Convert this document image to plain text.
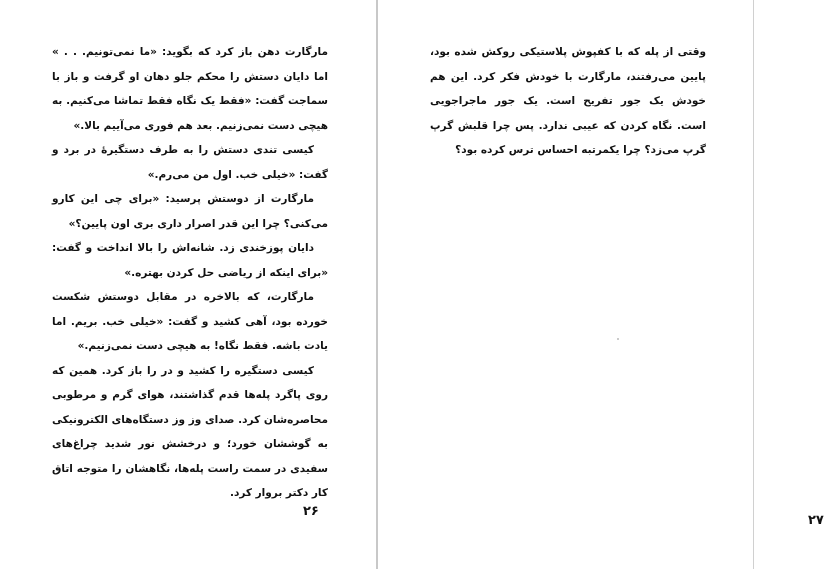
مارگارت دهن باز کرد که بگوید: «ما نمی‌تونیم. . . » اما دایان دستش را محکم جلو دهان او گرفت و باز با سماجت گفت: «فقط یک نگاه فقط تماشا می‌کنیم. به هیچی دست نمی‌زنیم. بعد هم فوری می‌آییم بالا.»

کیسی تندی دستش را به طرف دستگیرهٔ در برد و گفت: «خیلی خب. اول من می‌رم.»

مارگارت از دوستش پرسید: «برای چی این کارو می‌کنی؟ چرا این قدر اصرار داری بری اون پایین؟»

دایان پوزخندی زد. شانه‌اش را بالا انداخت و گفت: «برای اینکه از ریاضی حل کردن بهتره.»

مارگارت، که بالاخره در مقابل دوستش شکست خورده بود، آهی کشید و گفت: «خیلی خب. بریم. اما یادت باشه. فقط نگاه! به هیچی دست نمی‌زنیم.»

کیسی دستگیره را کشید و در را باز کرد. همین که روی پاگرد پله‌ها قدم گذاشتند، هوای گرم و مرطوبی محاصره‌شان کرد. صدای وز وز دستگاه‌های الکترونیکی به گوششان خورد؛ و درخشش نور شدید چراغ‌های سفیدی در سمت راست پله‌ها، نگاهشان را متوجه اتاق کار دکتر بروار کرد.

۲۶

وقتی از پله که با کفپوش پلاستیکی روکش شده بود، پایین می‌رفتند، مارگارت با خودش فکر کرد. این هم خودش یک جور تفریح است. یک جور ماجراجویی است. نگاه کردن که عیبی ندارد. پس چرا قلبش گرپ گرپ می‌زد؟ چرا یکمرتبه احساس ترس کرده بود؟

۲۷
